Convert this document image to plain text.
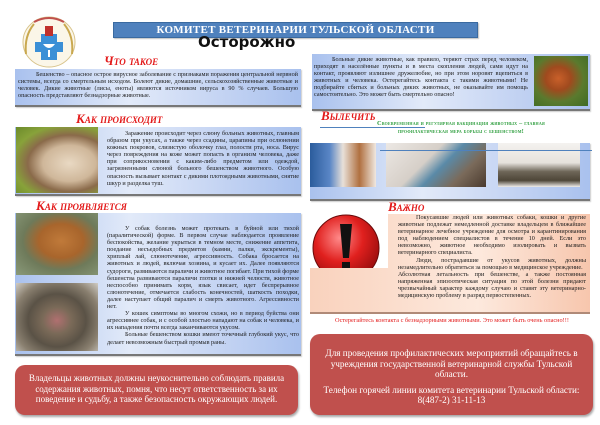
КОМИТЕТ ВЕТЕРИНАРИИ ТУЛЬСКОЙ ОБЛАСТИ
Осторожно
Что такое

Бешенство – опасное острое вирусное заболевание с признаками поражения центральной нервной системы, всегда со смертельным исходом. Болеют дикие, домашние, сельскохозяйственные животные и человек. Дикие животные (лисы, еноты) являются источником вируса в 90 % случаев. Большую опасность представляют безнадзорные животные.

Больные дикие животные, как правило, теряют страх перед человеком, приходят в населённые пункты и в места скопления людей, сами идут на контакт, проявляют излишнее дружелюбие, но при этом норовят вцепиться в животных и человека. Остерегайтесь контакта с такими животными! Не подбирайте сбитых и больных диких животных, не оказывайте им помощь самостоятельно. Это может быть смертельно опасно!

Как происходит

Заражение происходит через слюну больных животных, главным образом при укусах, а также через ссадины, царапины при ослюнении кожных покровов, слизистую оболочку глаз, полости рта, носа. Вирус через повреждения на коже может попасть в организм человека, даже при соприкосновении с каким-либо предметом или одеждой, загрязненными слюной больного бешенством животного. Особую опасность вызывает контакт с дикими плотоядными животными, снятие шкур и разделка туш.

Вылечить
Своевременная и регулярная вакцинация животных – главная
профилактическая мера борьбы с бешенством!
Как проявляется

У собак болезнь может протекать в буйной или тихой (паралитической) форме. В первом случае наблюдается проявление беспокойства, желание укрыться в темном месте, снижение аппетита, поедание несъедобных предметов (камни, палки, экскременты), хриплый лай, слюнотечение, агрессивность. Собака бросается на животных и людей, включая хозяина, и кусает их. Далее появляются судороги, развиваются параличи и животное погибает. При тихой форме бешенства развиваются параличи глотки и нижней челюсти, животное неспособно принимать корм, язык свисает, идет беспрерывное слюнотечение, отмечается слабость конечностей, шаткость походки, далее наступает общий паралич и смерть животного. Агрессивности нет.

У кошек симптомы во многом схожи, но в период буйства они агрессивнее собак, и с особой злостью нападают на собак и человека, и их нападения почти всегда заканчиваются укусом.

Больные бешенством кошки имеют точечный глубокий укус, что делает невозможным быстрый промыв раны.

Важно

Покусавшие людей или животных собаки, кошки и другие животные подлежат немедленной доставке владельцем в ближайшее ветеринарное лечебное учреждение для осмотра и карантинирования под наблюдением специалистов в течение 10 дней. Если это невозможно, животное необходимо изолировать и вызвать ветеринарного специалиста.

Люди, пострадавшие от укусов животных, должны незамедлительно обратиться за помощью в медицинское учреждение.

Абсолютная летальность при бешенстве, а также постоянная напряженная эпизоотическая ситуация по этой болезни придают чрезвычайный характер каждому случаю и ставят эту ветеринарно-медицинскую проблему в разряд первостепенных.

Остерегайтесь контакта с безнадзорными животными. Это может быть очень опасно!!!
Владельцы животных должны неукоснительно соблюдать правила содержания животных, помня, что несут ответственность за их поведение и судьбу, а также безопасность окружающих людей.
Для проведения профилактических мероприятий обращайтесь в учреждения государственной ветеринарной службы Тульской области.
Телефон горячей линии комитета ветеринарии Тульской области:
8(487-2) 31-11-13
